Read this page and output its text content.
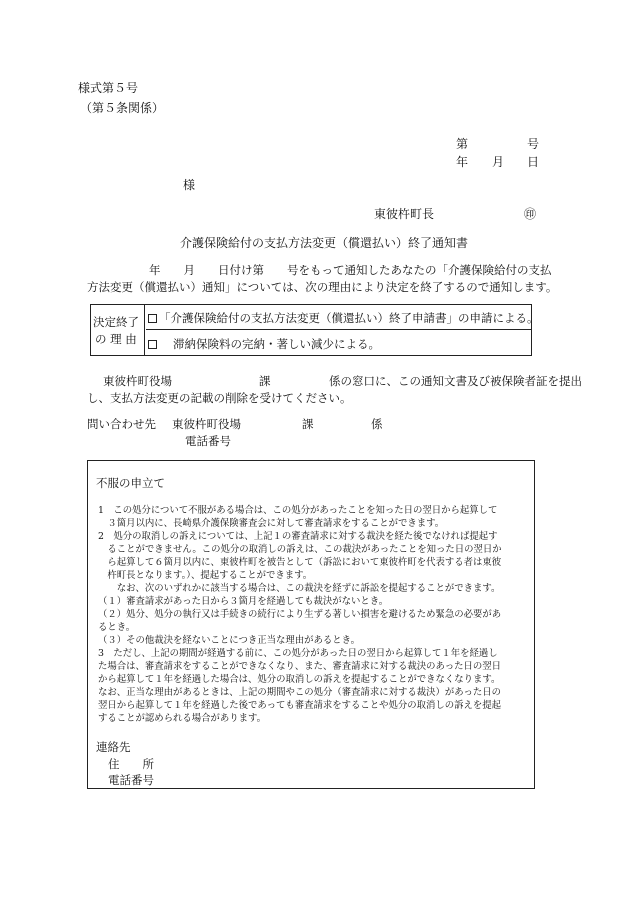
様式第５号
（第５条関係）
第	号
年 月 日
様
東彼杵町長	㊞
介護保険給付の支払方法変更（償還払い）終了通知書
年　　月　　日付け第　　号をもって通知したあなたの「介護保険給付の支払
方法変更（償還払い）通知」については、次の理由により決定を終了するので通知します。
決定終了
の 理 由
「介護保険給付の支払方法変更（償還払い）終了申請書」の申請による。
滞納保険料の完納・著しい減少による。
東彼杵町役場	課	係の窓口に、この通知文書及び被保険者証を提出
し、支払方法変更の記載の削除を受けてください。
問い合わせ先 東彼杵町役場	課	係
電話番号
不服の申立て
1　この処分について不服がある場合は、この処分があったことを知った日の翌日から起算して
　３箇月以内に、長崎県介護保険審査会に対して審査請求をすることができます。
2　処分の取消しの訴えについては、上記１の審査請求に対する裁決を経た後でなければ提起す
　ることができません。この処分の取消しの訴えは、この裁決があったことを知った日の翌日か
　ら起算して６箇月以内に、東彼杵町を被告として（訴訟において東彼杵町を代表する者は東彼
　杵町長となります。）、提起することができます。
　　なお、次のいずれかに該当する場合は、この裁決を経ずに訴訟を提起することができます。
（１）審査請求があった日から３箇月を経過しても裁決がないとき。
（２）処分、処分の執行又は手続きの続行により生ずる著しい損害を避けるため緊急の必要があ
るとき。
（３）その他裁決を経ないことにつき正当な理由があるとき。
3　ただし、上記の期間が経過する前に、この処分があった日の翌日から起算して１年を経過し
た場合は、審査請求をすることができなくなり、また、審査請求に対する裁決のあった日の翌日
から起算して１年を経過した場合は、処分の取消しの訴えを提起することができなくなります。
なお、正当な理由があるときは、上記の期間やこの処分（審査請求に対する裁決）があった日の
翌日から起算して１年を経過した後であっても審査請求をすることや処分の取消しの訴えを提起
することが認められる場合があります。
連絡先
住　　所
電話番号
